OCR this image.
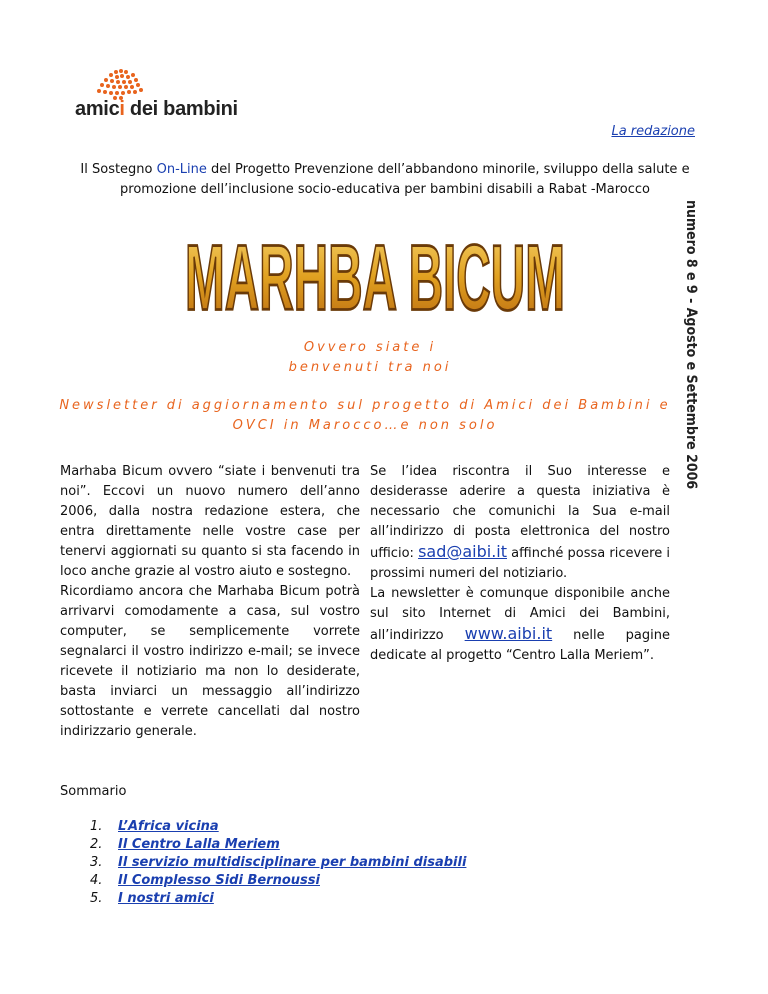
amici dei bambini
La redazione
Il Sostegno On-Line del Progetto Prevenzione dell’abbandono minorile, sviluppo della salute e promozione dell’inclusione socio-educativa per bambini disabili a Rabat -Marocco
numero 8 e 9 - Agosto e Settembre 2006
MARHBA BICUM
Ovvero siate i
benvenuti tra noi
Newsletter di aggiornamento sul progetto di Amici dei Bambini e
OVCI in Marocco…e non solo

Marhaba Bicum ovvero “siate i benvenuti tra noi”. Eccovi un nuovo numero dell’anno 2006, dalla nostra redazione estera, che entra direttamente nelle vostre case per tenervi aggiornati su quanto si sta facendo in loco anche grazie al vostro aiuto e sostegno.

Ricordiamo ancora che Marhaba Bicum potrà arrivarvi comodamente a casa, sul vostro computer, se semplicemente vorrete segnalarci il vostro indirizzo e-mail; se invece ricevete il notiziario ma non lo desiderate, basta inviarci un messaggio all’indirizzo sottostante e verrete cancellati dal nostro indirizzario generale.

Se l’idea riscontra il Suo interesse e desiderasse aderire a questa iniziativa è necessario che comunichi la Sua e-mail all’indirizzo di posta elettronica del nostro ufficio: sad@aibi.it affinché possa ricevere i prossimi numeri del notiziario.

La newsletter è comunque disponibile anche sul sito Internet di Amici dei Bambini, all’indirizzo www.aibi.it nelle pagine dedicate al progetto “Centro Lalla Meriem”.

Sommario
1. L’Africa vicina
2. Il Centro Lalla Meriem
3. Il servizio multidisciplinare per bambini disabili
4. Il Complesso Sidi Bernoussi
5. I nostri amici
